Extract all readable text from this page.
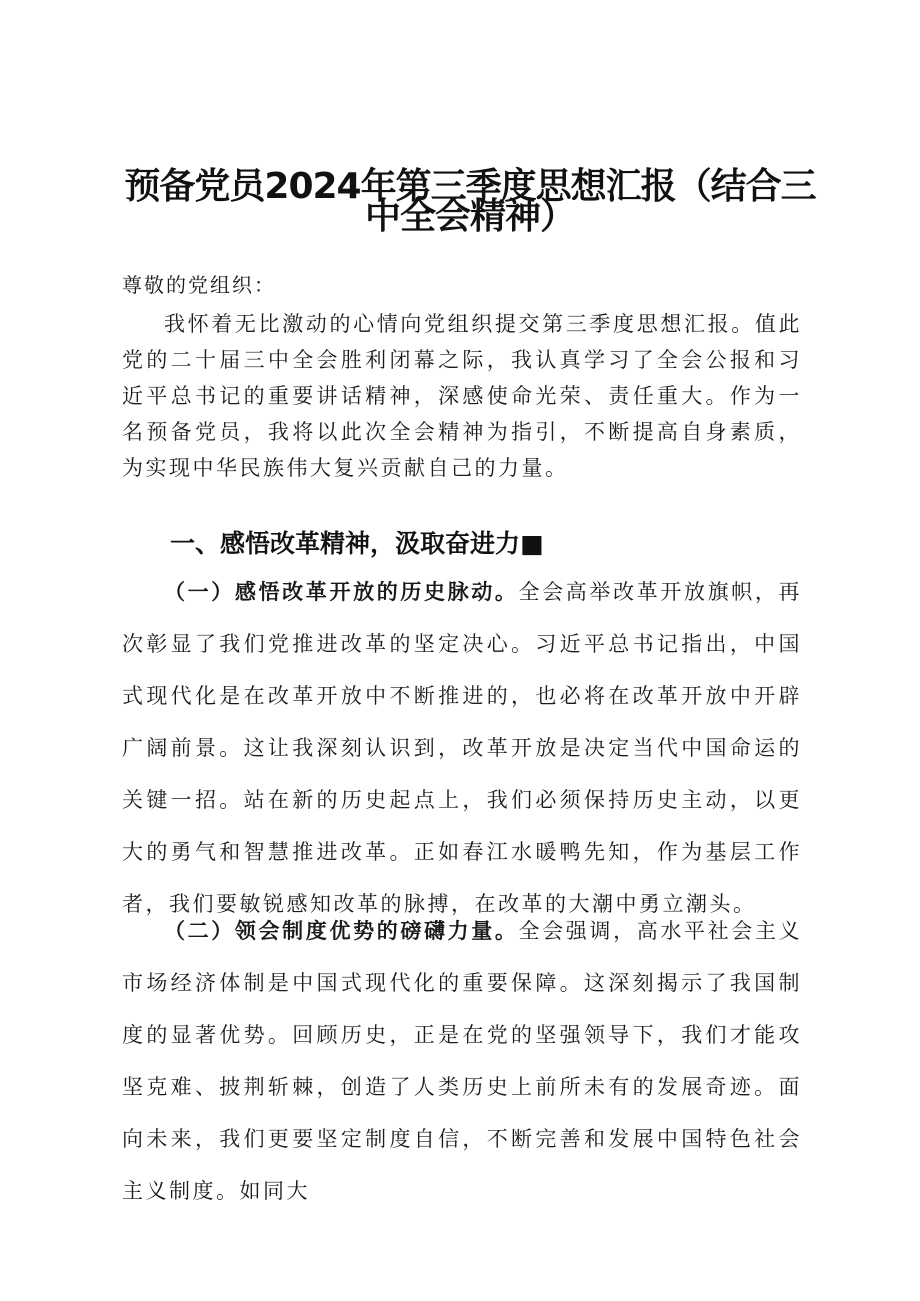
预备党员2024年第三季度思想汇报（结合三
中全会精神）

尊敬的党组织：

我怀着无比激动的心情向党组织提交第三季度思想汇报。值此党的二十届三中全会胜利闭幕之际，我认真学习了全会公报和习近平总书记的重要讲话精神，深感使命光荣、责任重大。作为一名预备党员，我将以此次全会精神为指引，不断提高自身素质，为实现中华民族伟大复兴贡献自己的力量。

一、感悟改革精神，汲取奋进力■

（一）感悟改革开放的历史脉动。全会高举改革开放旗帜，再次彰显了我们党推进改革的坚定决心。习近平总书记指出，中国式现代化是在改革开放中不断推进的，也必将在改革开放中开辟广阔前景。这让我深刻认识到，改革开放是决定当代中国命运的关键一招。站在新的历史起点上，我们必须保持历史主动，以更大的勇气和智慧推进改革。正如春江水暖鸭先知，作为基层工作者，我们要敏锐感知改革的脉搏，在改革的大潮中勇立潮头。

（二）领会制度优势的磅礴力量。全会强调，高水平社会主义市场经济体制是中国式现代化的重要保障。这深刻揭示了我国制度的显著优势。回顾历史，正是在党的坚强领导下，我们才能攻坚克难、披荆斩棘，创造了人类历史上前所未有的发展奇迹。面向未来，我们更要坚定制度自信，不断完善和发展中国特色社会主义制度。如同大
